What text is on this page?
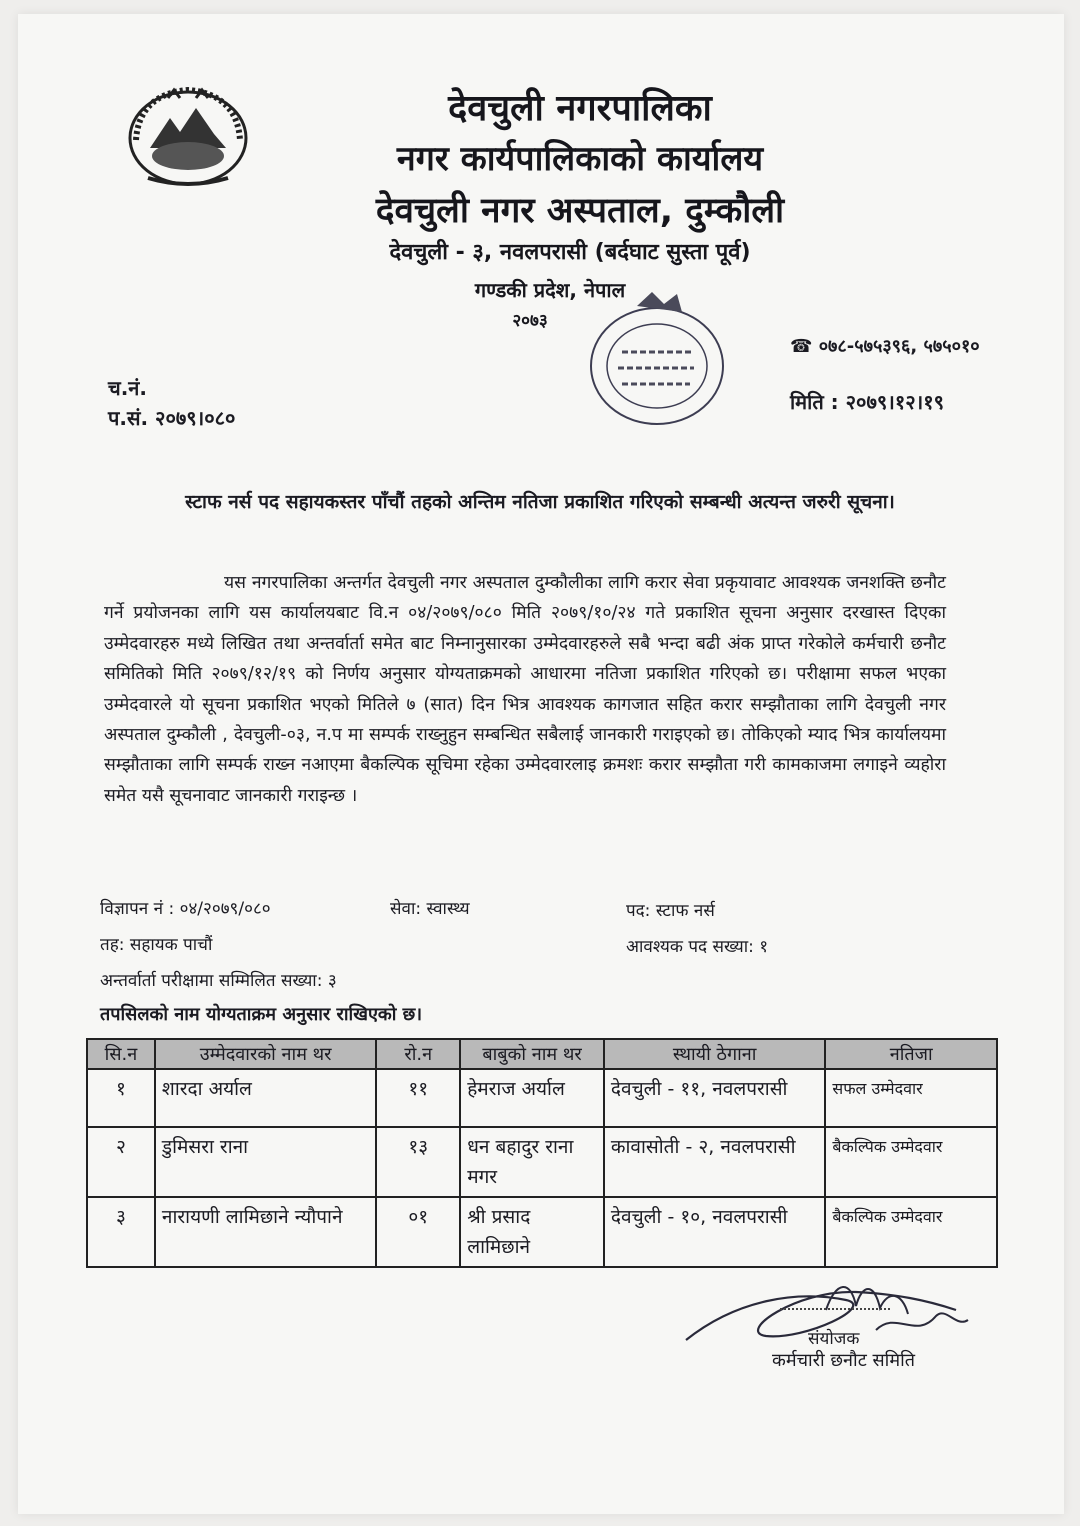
देवचुली नगरपालिका
नगर कार्यपालिकाको कार्यालय
देवचुली नगर अस्पताल, दुम्कौली
देवचुली - ३, नवलपरासी (बर्दघाट सुस्ता पूर्व)
गण्डकी प्रदेश, नेपाल
२०७३
☎ ०७८-५७५३९६, ५७५०१०
मिति : २०७९।१२।१९
च.नं.
प.सं. २०७९।०८०
स्टाफ नर्स पद सहायकस्तर पाँचौं तहको अन्तिम नतिजा प्रकाशित गरिएको सम्बन्धी अत्यन्त जरुरी सूचना।
यस नगरपालिका अन्तर्गत देवचुली नगर अस्पताल दुम्कौलीका लागि करार सेवा प्रकृयावाट आवश्यक जनशक्ति छनौट गर्ने प्रयोजनका लागि यस कार्यालयबाट वि.न ०४/२०७९/०८० मिति २०७९/१०/२४ गते प्रकाशित सूचना अनुसार दरखास्त दिएका उम्मेदवारहरु मध्ये लिखित तथा अन्तर्वार्ता समेत बाट निम्नानुसारका उम्मेदवारहरुले सबै भन्दा बढी अंक प्राप्त गरेकोले कर्मचारी छनौट समितिको मिति २०७९/१२/१९ को निर्णय अनुसार योग्यताक्रमको आधारमा नतिजा प्रकाशित गरिएको छ। परीक्षामा सफल भएका उम्मेदवारले यो सूचना प्रकाशित भएको मितिले ७ (सात) दिन भित्र आवश्यक कागजात सहित करार सम्झौताका लागि देवचुली नगर अस्पताल दुम्कौली , देवचुली-०३, न.प मा सम्पर्क राख्नुहुन सम्बन्धित सबैलाई जानकारी गराइएको छ। तोकिएको म्याद भित्र कार्यालयमा सम्झौताका लागि सम्पर्क राख्न नआएमा बैकल्पिक सूचिमा रहेका उम्मेदवारलाइ क्रमशः करार सम्झौता गरी कामकाजमा लगाइने व्यहोरा समेत यसै सूचनावाट जानकारी गराइन्छ ।
विज्ञापन नं : ०४/२०७९/०८०	सेवा: स्वास्थ्य	पद: स्टाफ नर्स
तह: सहायक पाचौं	आवश्यक पद सख्या: १
अन्तर्वार्ता परीक्षामा सम्मिलित सख्या: ३
तपसिलको नाम योग्यताक्रम अनुसार राखिएको छ।
सि.न	उम्मेदवारको नाम थर	रो.न	बाबुको नाम थर	स्थायी ठेगाना	नतिजा
१	शारदा अर्याल	११	हेमराज अर्याल	देवचुली - ११, नवलपरासी	सफल उम्मेदवार
२	डुमिसरा राना	१३	धन बहादुर राना मगर	कावासोती - २, नवलपरासी	बैकल्पिक उम्मेदवार
३	नारायणी लामिछाने न्यौपाने	०१	श्री प्रसाद लामिछाने	देवचुली - १०, नवलपरासी	बैकल्पिक उम्मेदवार
संयोजक
कर्मचारी छनौट समिति
